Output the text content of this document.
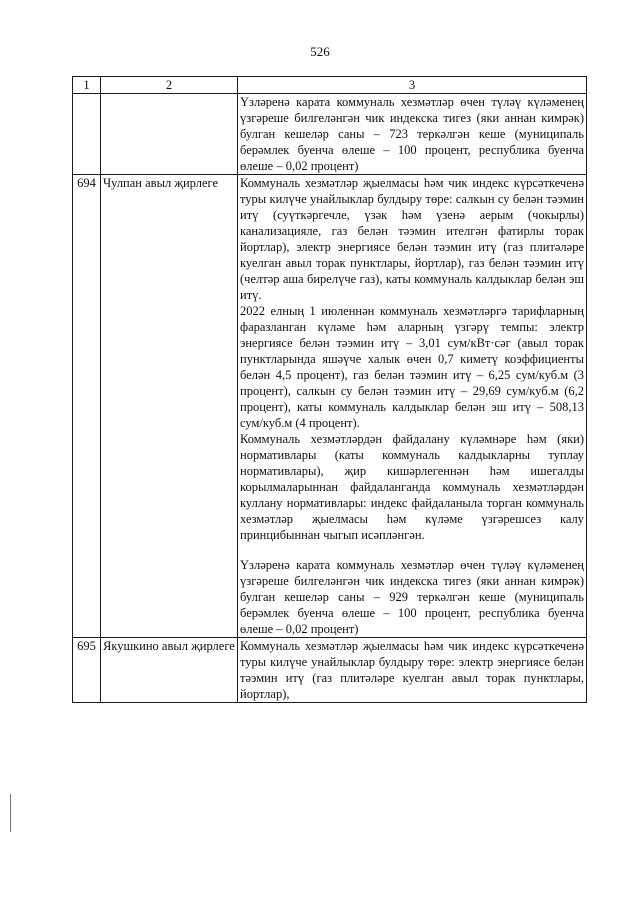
526
1	2	3

		Үзләренә карата коммуналь хезмәтләр өчен түләү күләменең үзгәреше билгеләнгән чик индекска тигез (яки аннан кимрәк) булган кешеләр саны – 723 теркәлгән кеше (муниципаль берәмлек буенча өлеше – 100 процент, республика буенча өлеше – 0,02 процент)

694	Чулпан авыл җирлеге	Коммуналь хезмәтләр җыелмасы һәм чик индекс күрсәткеченә туры килүче унайлыклар булдыру төре: салкын су белән тәэмин итү (суүткәргечле, үзәк һәм үзенә аерым (чокырлы) канализацияле, газ белән тәэмин ителгән фатирлы торак йортлар), электр энергиясе белән тәэмин итү (газ плитәләре куелган авыл торак пунктлары, йортлар), газ белән тәэмин итү (челтәр аша бирелүче газ), каты коммуналь калдыклар белән эш итү.

2022 елның 1 июленнән коммуналь хезмәтләргә тарифларның фаразланган күләме һәм аларның үзгәрү темпы: электр энергиясе белән тәэмин итү – 3,01 сум/кВт·сәг (авыл торак пунктларында яшәүче халык өчен 0,7 киметү коэффициенты белән 4,5 процент), газ белән тәэмин итү – 6,25 сум/куб.м (3 процент), салкын су белән тәэмин итү – 29,69 сум/куб.м (6,2 процент), каты коммуналь калдыклар белән эш итү – 508,13 сум/куб.м (4 процент).

Коммуналь хезмәтләрдән файдалану күләмнәре һәм (яки) нормативлары (каты коммуналь калдыкларны туплау нормативлары), җир кишәрлегеннән һәм ишегалды корылмаларыннан файдаланганда коммуналь хезмәтләрдән куллану нормативлары: индекс файдаланыла торган коммуналь хезмәтләр җыелмасы һәм күләме үзгәрешсез калу принцибыннан чыгып исәпләнгән.

Үзләренә карата коммуналь хезмәтләр өчен түләү күләменең үзгәреше билгеләнгән чик индекска тигез (яки аннан кимрәк) булган кешеләр саны – 929 теркәлгән кеше (муниципаль берәмлек буенча өлеше – 100 процент, республика буенча өлеше – 0,02 процент)

695	Якушкино авыл җирлеге	Коммуналь хезмәтләр җыелмасы һәм чик индекс күрсәткеченә туры килүче унайлыклар булдыру төре: электр энергиясе белән тәэмин итү (газ плитәләре куелган авыл торак пунктлары, йортлар),
